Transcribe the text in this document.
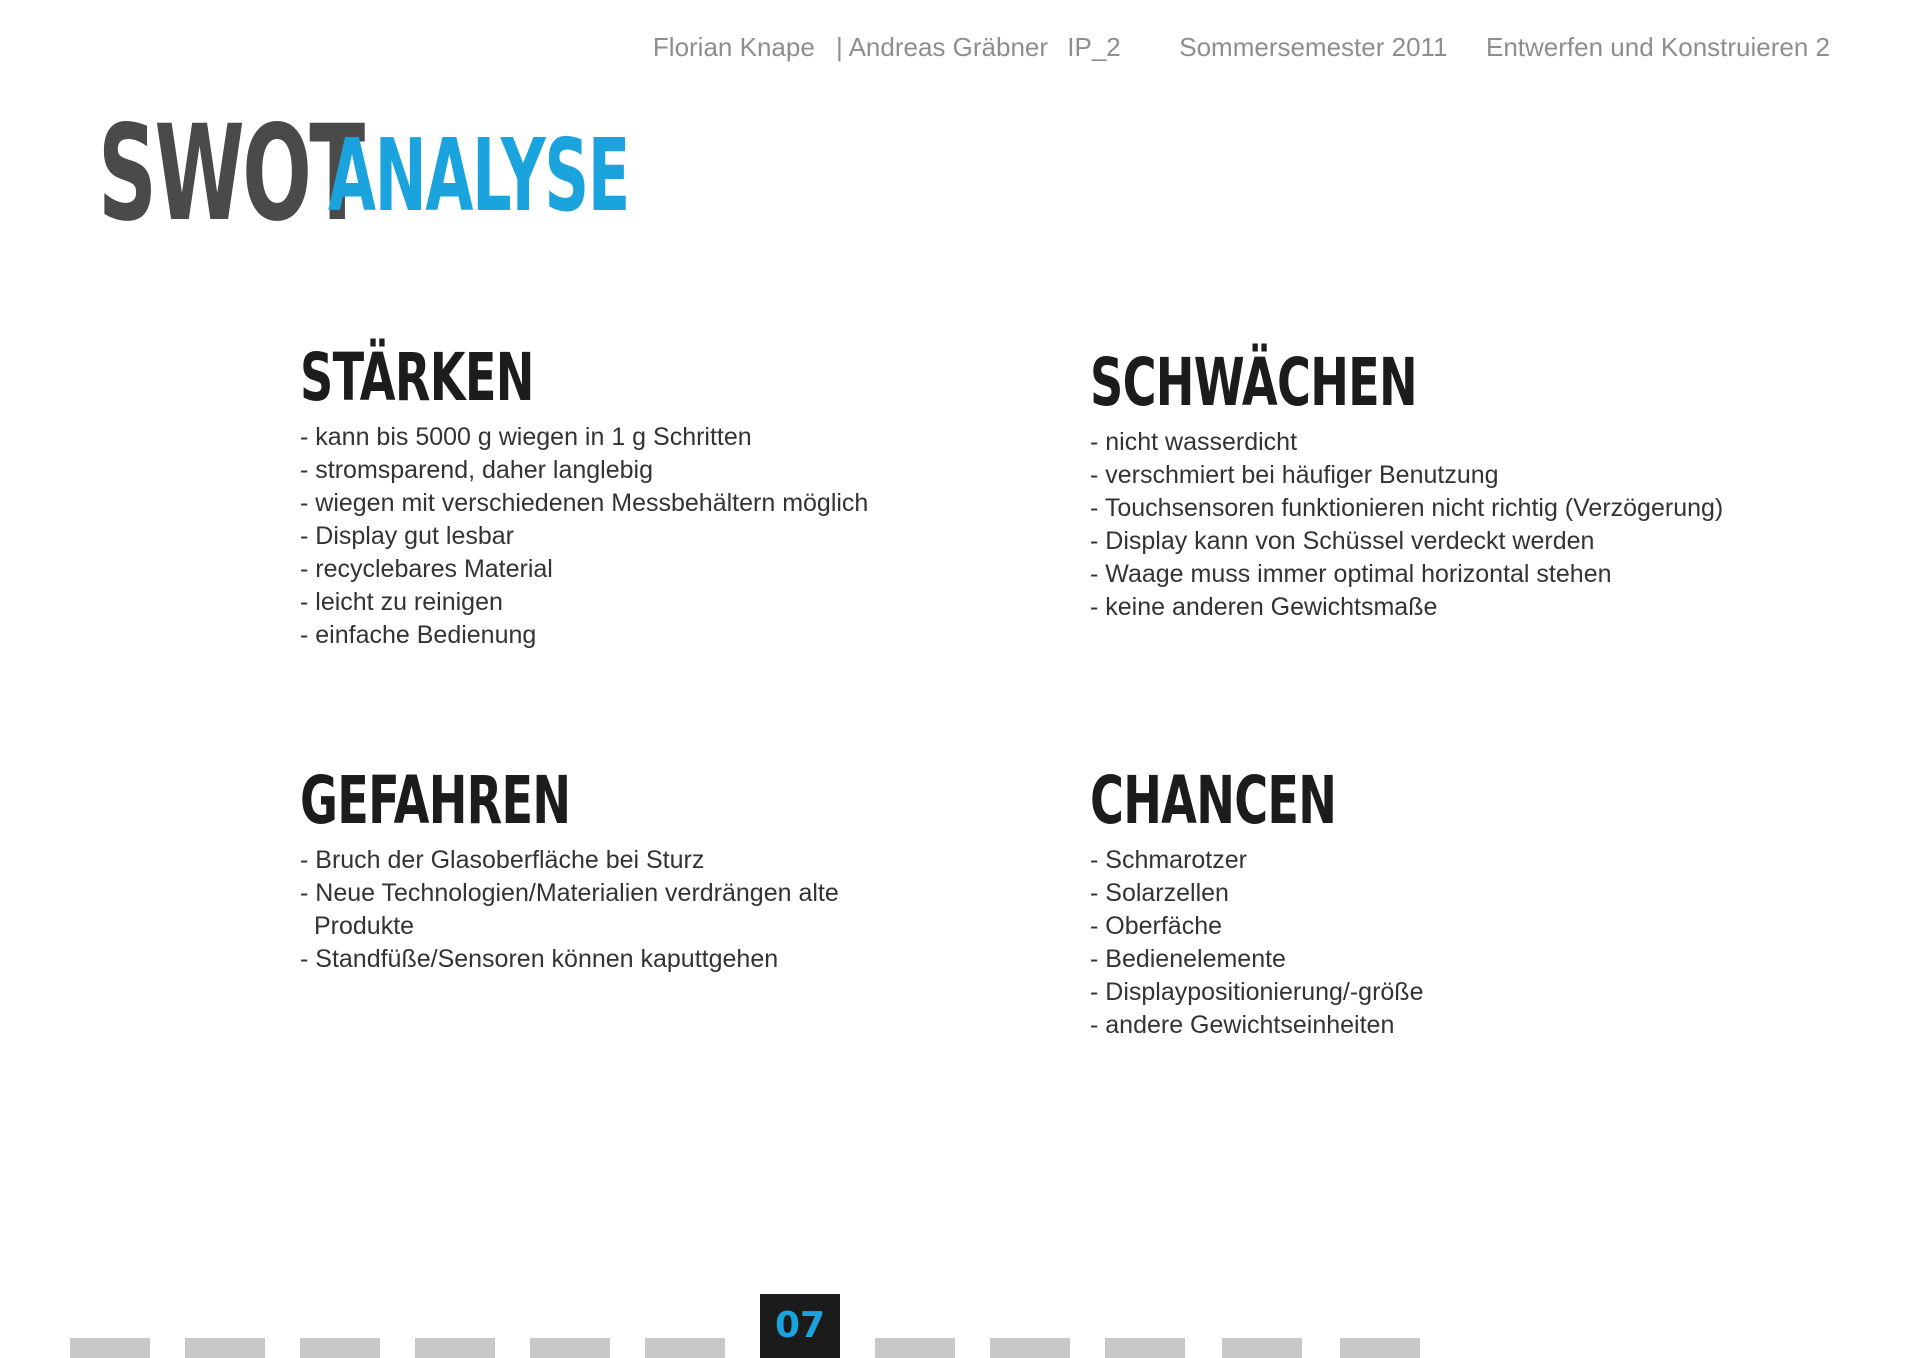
Florian Knape | Andreas Gräbner IP_2 Sommersemester 2011 Entwerfen und Konstruieren 2
SWOT
ANALYSE
STÄRKEN
- kann bis 5000 g wiegen in 1 g Schritten
- stromsparend, daher langlebig
- wiegen mit verschiedenen Messbehältern möglich
- Display gut lesbar
- recyclebares Material
- leicht zu reinigen
- einfache Bedienung
SCHWÄCHEN
- nicht wasserdicht
- verschmiert bei häufiger Benutzung
- Touchsensoren funktionieren nicht richtig (Verzögerung)
- Display kann von Schüssel verdeckt werden
- Waage muss immer optimal horizontal stehen
- keine anderen Gewichtsmaße
GEFAHREN
- Bruch der Glasoberfläche bei Sturz
- Neue Technologien/Materialien verdrängen alte Produkte
- Standfüße/Sensoren können kaputtgehen
CHANCEN
- Schmarotzer
- Solarzellen
- Oberfäche
- Bedienelemente
- Displaypositionierung/-größe
- andere Gewichtseinheiten
07
